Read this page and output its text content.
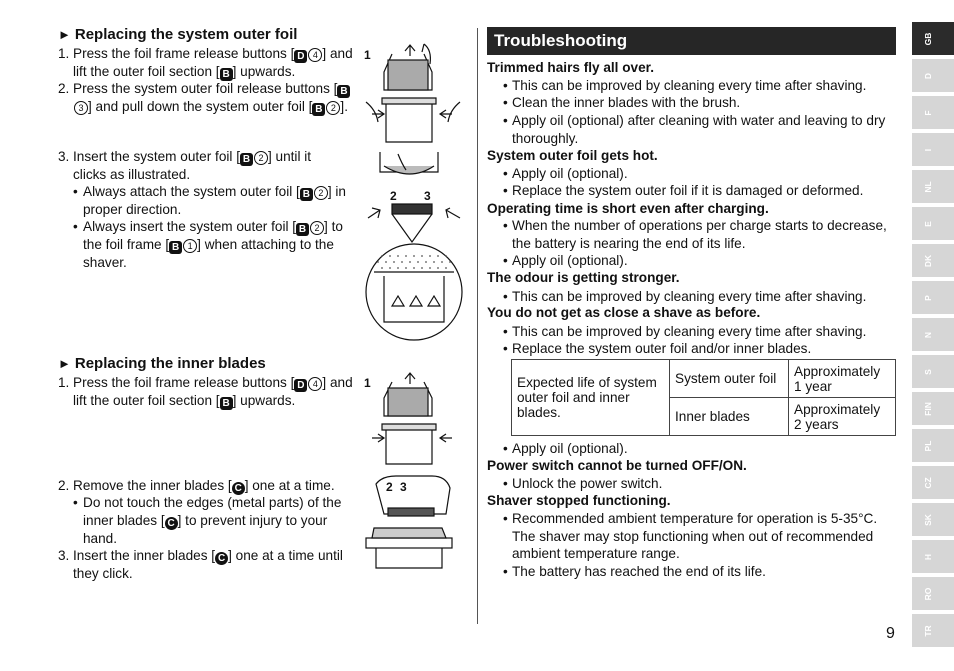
► Replacing the system outer foil
1. Press the foil frame release buttons [ D 4 ] and lift the outer foil section [ B ] upwards.
2. Press the system outer foil release buttons [ B3 ] and pull down the system outer foil [ B 2 ].
3. Insert the system outer foil [ B 2 ] until it clicks as illustrated.
• Always attach the system outer foil [ B 2 ] in proper direction.
• Always insert the system outer foil [ B 2 ] to the foil frame [ B 1 ] when attaching to the shaver.
1. Press the foil frame release buttons [ D 4 ] and lift the outer foil section [ B ] upwards.
2. Remove the inner blades [ C ] one at a time.
• Do not touch the edges (metal parts) of the inner blades [ C ] to prevent injury to your hand.
3. Insert the inner blades [ C ] one at a time until they click.
► Replacing the inner blades
1
2 3
1
2 3
Troubleshooting
Trimmed hairs fly all over.
• This can be improved by cleaning every time after shaving.
• Clean the inner blades with the brush.
• Apply oil (optional) after cleaning with water and leaving to dry thoroughly.
System outer foil gets hot.
• Apply oil (optional).
• Replace the system outer foil if it is damaged or deformed.
Operating time is short even after charging.
• When the number of operations per charge starts to decrease, the battery is nearing the end of its life.
• Apply oil (optional).
The odour is getting stronger.
• This can be improved by cleaning every time after shaving.
You do not get as close a shave as before.
• This can be improved by cleaning every time after shaving.
• Replace the system outer foil and/or inner blades.
• Apply oil (optional).
Power switch cannot be turned OFF/ON.
• Unlock the power switch.
Shaver stopped functioning.
• Recommended ambient temperature for operation is 5-35°C. The shaver may stop functioning when out of recommended ambient temperature range.
• The battery has reached the end of its life.
Expected life of system outer foil and inner blades.	System outer foil	Approximately 1 year
	Inner blades	Approximately 2 years
GB
D
F
I
NL
E
DK
P
N
S
FIN
PL
CZ
SK
H
RO
TR
9
